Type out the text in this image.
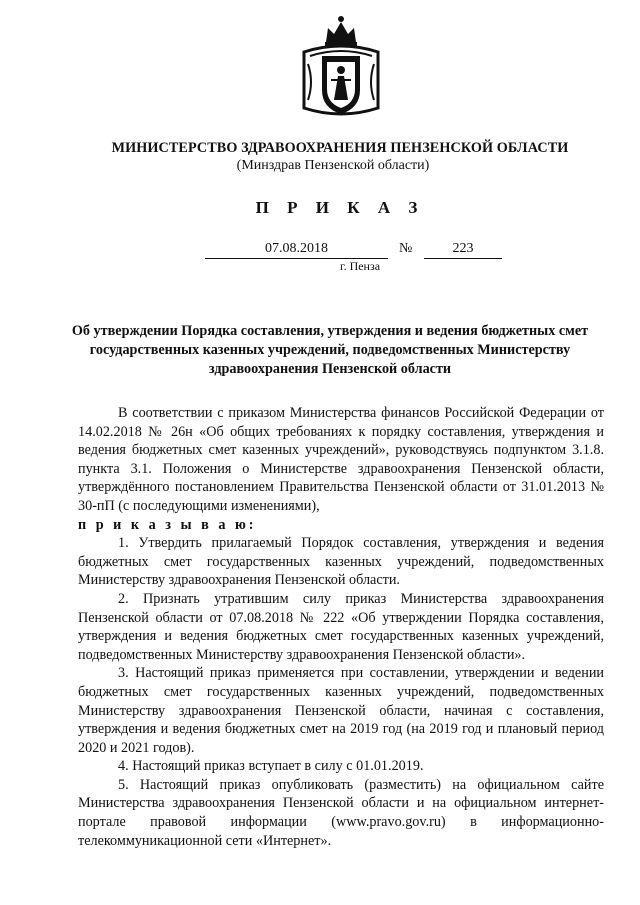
МИНИСТЕРСТВО ЗДРАВООХРАНЕНИЯ ПЕНЗЕНСКОЙ ОБЛАСТИ
(Минздрав Пензенской области)
П Р И К А З
07.08.2018	№	223
г. Пенза
Об утверждении Порядка составления, утверждения и ведения бюджетных смет государственных казенных учреждений, подведомственных Министерству здравоохранения Пензенской области

В соответствии с приказом Министерства финансов Российской Федерации от 14.02.2018 № 26н «Об общих требованиях к порядку составления, утверждения и ведения бюджетных смет казенных учреждений», руководствуясь подпунктом 3.1.8. пункта 3.1. Положения о Министерстве здравоохранения Пензенской области, утверждённого постановлением Правительства Пензенской области от 31.01.2013 № 30-пП (с последующими изменениями),

п р и к а з ы в а ю:

1. Утвердить прилагаемый Порядок составления, утверждения и ведения бюджетных смет государственных казенных учреждений, подведомственных Министерству здравоохранения Пензенской области.

2. Признать утратившим силу приказ Министерства здравоохранения Пензенской области от 07.08.2018 № 222 «Об утверждении Порядка составления, утверждения и ведения бюджетных смет государственных казенных учреждений, подведомственных Министерству здравоохранения Пензенской области».

3. Настоящий приказ применяется при составлении, утверждении и ведении бюджетных смет государственных казенных учреждений, подведомственных Министерству здравоохранения Пензенской области, начиная с составления, утверждения и ведения бюджетных смет на 2019 год (на 2019 год и плановый период 2020 и 2021 годов).

4. Настоящий приказ вступает в силу с 01.01.2019.

5. Настоящий приказ опубликовать (разместить) на официальном сайте Министерства здравоохранения Пензенской области и на официальном интернет-портале правовой информации (www.pravo.gov.ru) в информационно-телекоммуникационной сети «Интернет».
